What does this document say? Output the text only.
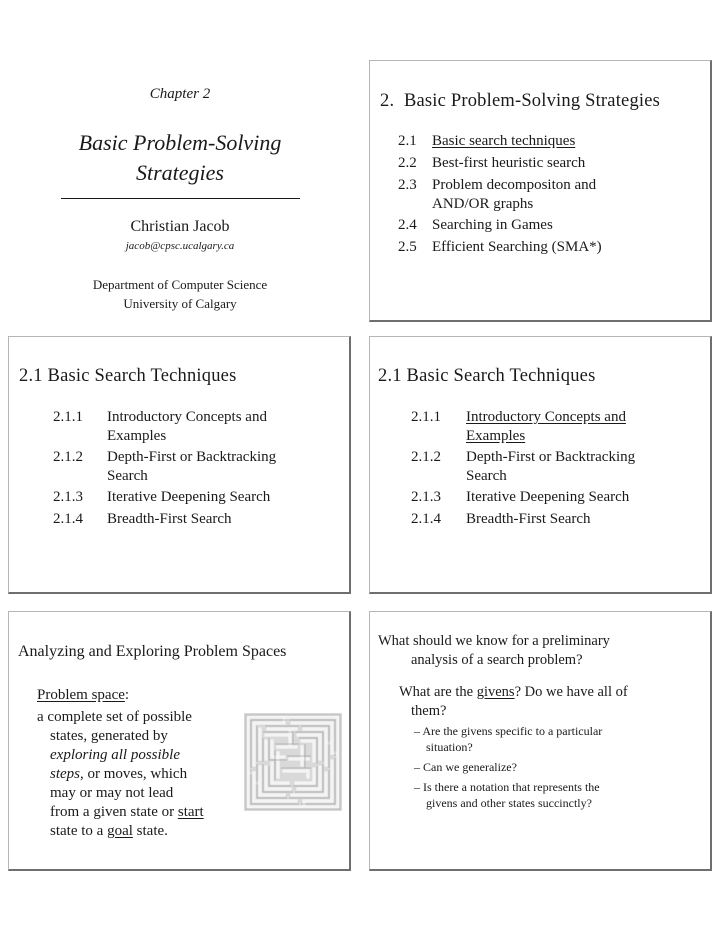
Chapter 2
Basic Problem-Solving
Strategies
Christian Jacob
jacob@cpsc.ucalgary.ca
Department of Computer Science
University of Calgary
2. Basic Problem-Solving Strategies
2.1 Basic search techniques
2.2 Best-first heuristic search
2.3 Problem decompositon and
AND/OR graphs
2.4 Searching in Games
2.5 Efficient Searching (SMA*)
2.1 Basic Search Techniques
2.1.1 Introductory Concepts and
Examples
2.1.2 Depth-First or Backtracking
Search
2.1.3 Iterative Deepening Search
2.1.4 Breadth-First Search
2.1 Basic Search Techniques
2.1.1 Introductory Concepts and
Examples
2.1.2 Depth-First or Backtracking
Search
2.1.3 Iterative Deepening Search
2.1.4 Breadth-First Search
Analyzing and Exploring Problem Spaces
Problem space:
a complete set of possible
states, generated by
exploring all possible
steps, or moves, which
may or may not lead
from a given state or start
state to a goal state.
What should we know for a preliminary
analysis of a search problem?
What are the givens? Do we have all of
them?
– Are the givens specific to a particular
situation?
– Can we generalize?
– Is there a notation that represents the
givens and other states succinctly?
